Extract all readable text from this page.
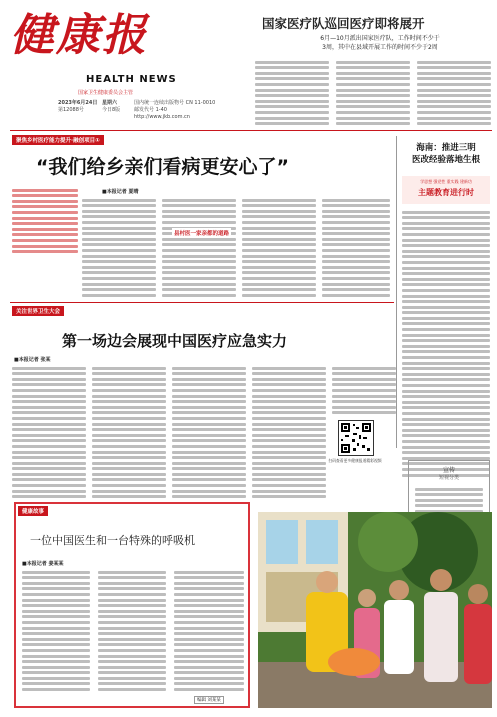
健康报
HEALTH NEWS
国家卫生健康委员会主管
2023年6月24日
第12088号
星期六
今日8版
国内统一连续出版物号 CN 11-0010
邮发代号 1-40
http://www.jkb.com.cn
国家医疗队巡回医疗即将展开
6月—10月派出国家医疗队，工作时间不少于
3周，其中在县域开展工作的时间不少于2周
聚焦乡村医疗能力提升·融创项目①
“我们给乡亲们看病更安心了”
■本报记者 夏晴
县村医一家亲都的道路
海南：推进三明
医改经验落地生根
学思想 强党性 重实践 建新功
主题教育进行时
关注世界卫生大会
第一场边会展现中国医疗应急实力
■本报记者 张某
扫码查看更多健康报道精彩视频
宣传
短视分类
健康故事
一位中国医生和一台特殊的呼吸机
■本报记者 姜某某
编辑 刘某某
